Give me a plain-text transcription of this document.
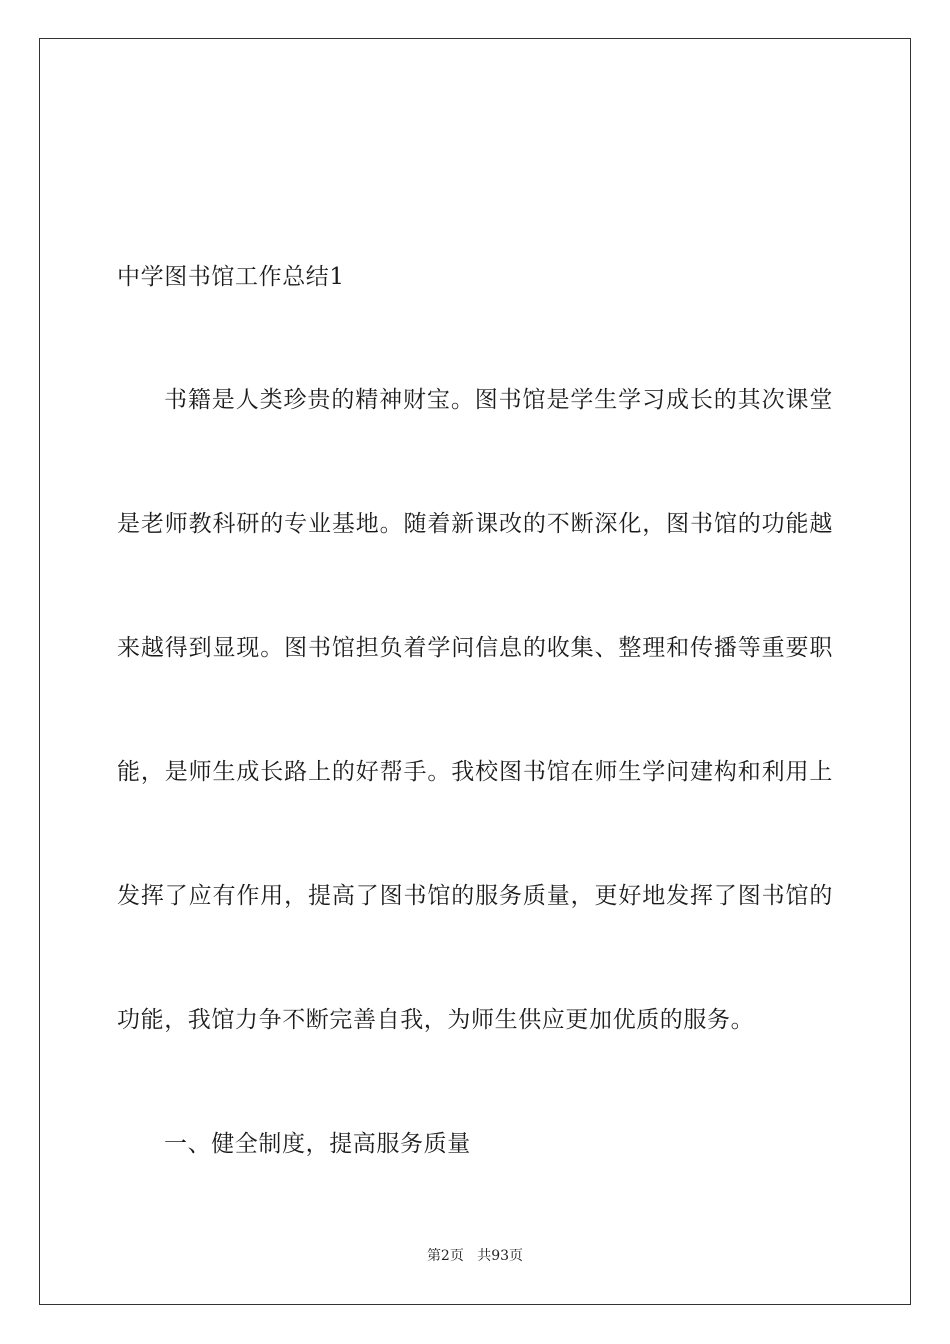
中学图书馆工作总结1
书籍是人类珍贵的精神财宝。图书馆是学生学习成长的其次课堂
是老师教科研的专业基地。随着新课改的不断深化，图书馆的功能越
来越得到显现。图书馆担负着学问信息的收集、整理和传播等重要职
能，是师生成长路上的好帮手。我校图书馆在师生学问建构和利用上
发挥了应有作用，提高了图书馆的服务质量，更好地发挥了图书馆的
功能，我馆力争不断完善自我，为师生供应更加优质的服务。
一、健全制度，提高服务质量
第2页 共93页
